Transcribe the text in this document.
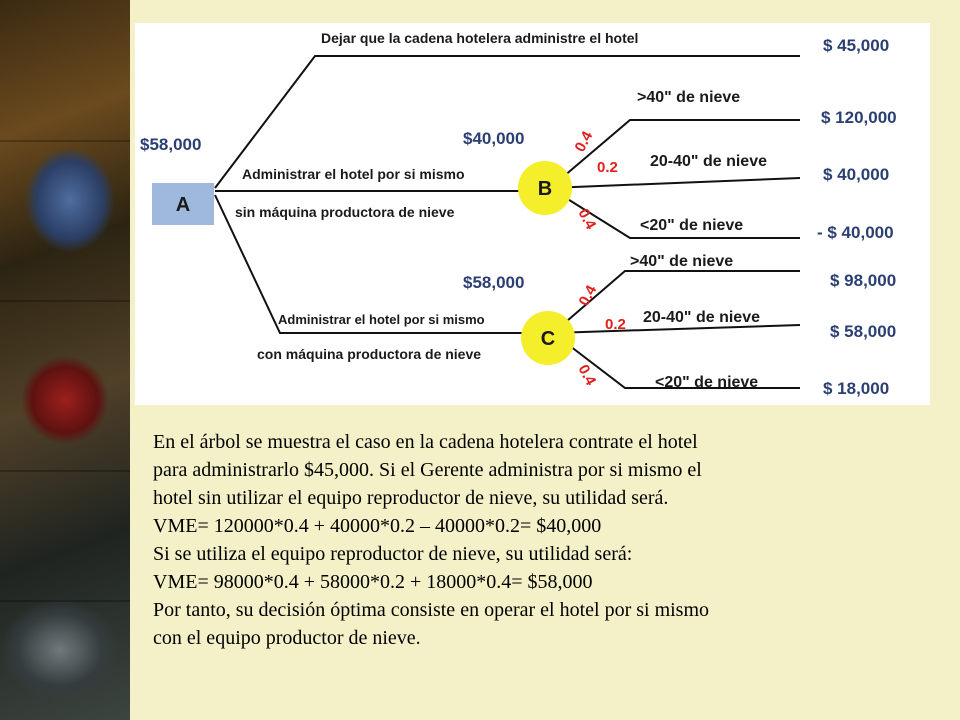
A
$58,000
B
C
Dejar que la cadena hotelera administre el hotel
Administrar el hotel por si mismo
sin máquina productora de nieve
Administrar el hotel por si mismo
con máquina productora de nieve
$40,000
$58,000
>40" de nieve
20-40" de nieve
<20" de nieve
>40" de nieve
20-40" de nieve
<20" de nieve
0.4
0.2
0.4
0.4
0.2
0.4
$ 45,000
$ 120,000
$ 40,000
- $ 40,000
$ 98,000
$ 58,000
$ 18,000

En el árbol se muestra el caso en la cadena hotelera contrate el hotel

para administrarlo $45,000. Si el Gerente administra por si mismo el

hotel sin utilizar el equipo reproductor de nieve, su utilidad será.

VME= 120000*0.4 + 40000*0.2 – 40000*0.2= $40,000

Si se utiliza el equipo reproductor de nieve, su utilidad será:

VME= 98000*0.4 + 58000*0.2 + 18000*0.4= $58,000

Por tanto, su decisión óptima consiste en operar el hotel por si mismo

con el equipo productor de nieve.
